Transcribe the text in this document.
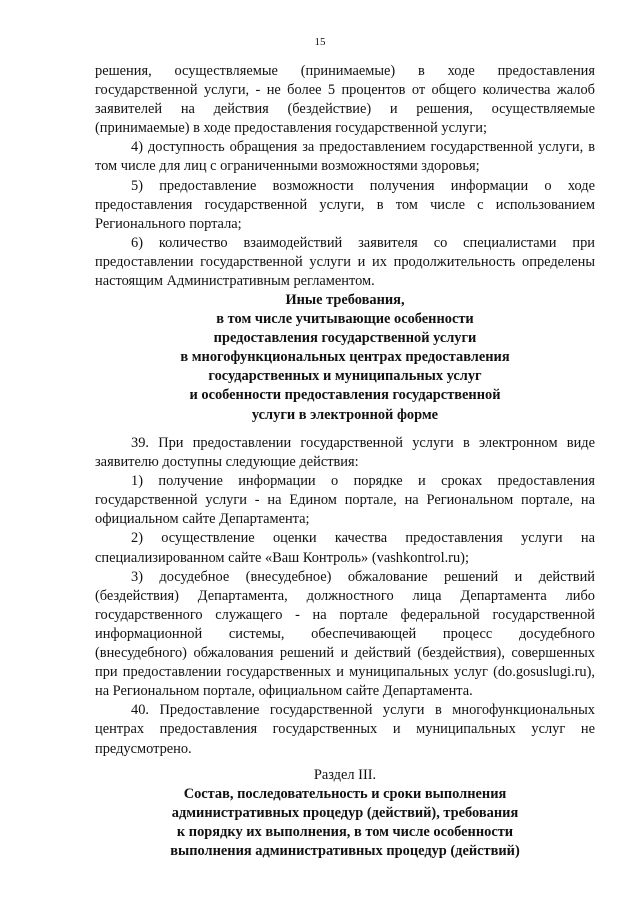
15

решения, осуществляемые (принимаемые) в ходе предоставления государственной услуги, - не более 5 процентов от общего количества жалоб заявителей на действия (бездействие) и решения, осуществляемые (принимаемые) в ходе предоставления государственной услуги;

4) доступность обращения за предоставлением государственной услуги, в том числе для лиц с ограниченными возможностями здоровья;

5) предоставление возможности получения информации о ходе предоставления государственной услуги, в том числе с использованием Регионального портала;

6) количество взаимодействий заявителя со специалистами при предоставлении государственной услуги и их продолжительность определены настоящим Административным регламентом.

Иные требования,

в том числе учитывающие особенности

предоставления государственной услуги

в многофункциональных центрах предоставления

государственных и муниципальных услуг

и особенности предоставления государственной

услуги в электронной форме

39. При предоставлении государственной услуги в электронном виде заявителю доступны следующие действия:

1) получение информации о порядке и сроках предоставления государственной услуги - на Едином портале, на Региональном портале, на официальном сайте Департамента;

2) осуществление оценки качества предоставления услуги на специализированном сайте «Ваш Контроль» (vashkontrol.ru);

3) досудебное (внесудебное) обжалование решений и действий (бездействия) Департамента, должностного лица Департамента либо государственного служащего - на портале федеральной государственной информационной системы, обеспечивающей процесс досудебного (внесудебного) обжалования решений и действий (бездействия), совершенных при предоставлении государственных и муниципальных услуг (do.gosuslugi.ru), на Региональном портале, официальном сайте Департамента.

40. Предоставление государственной услуги в многофункциональных центрах предоставления государственных и муниципальных услуг не предусмотрено.

Раздел III.

Состав, последовательность и сроки выполнения

административных процедур (действий), требования

к порядку их выполнения, в том числе особенности

выполнения административных процедур (действий)
